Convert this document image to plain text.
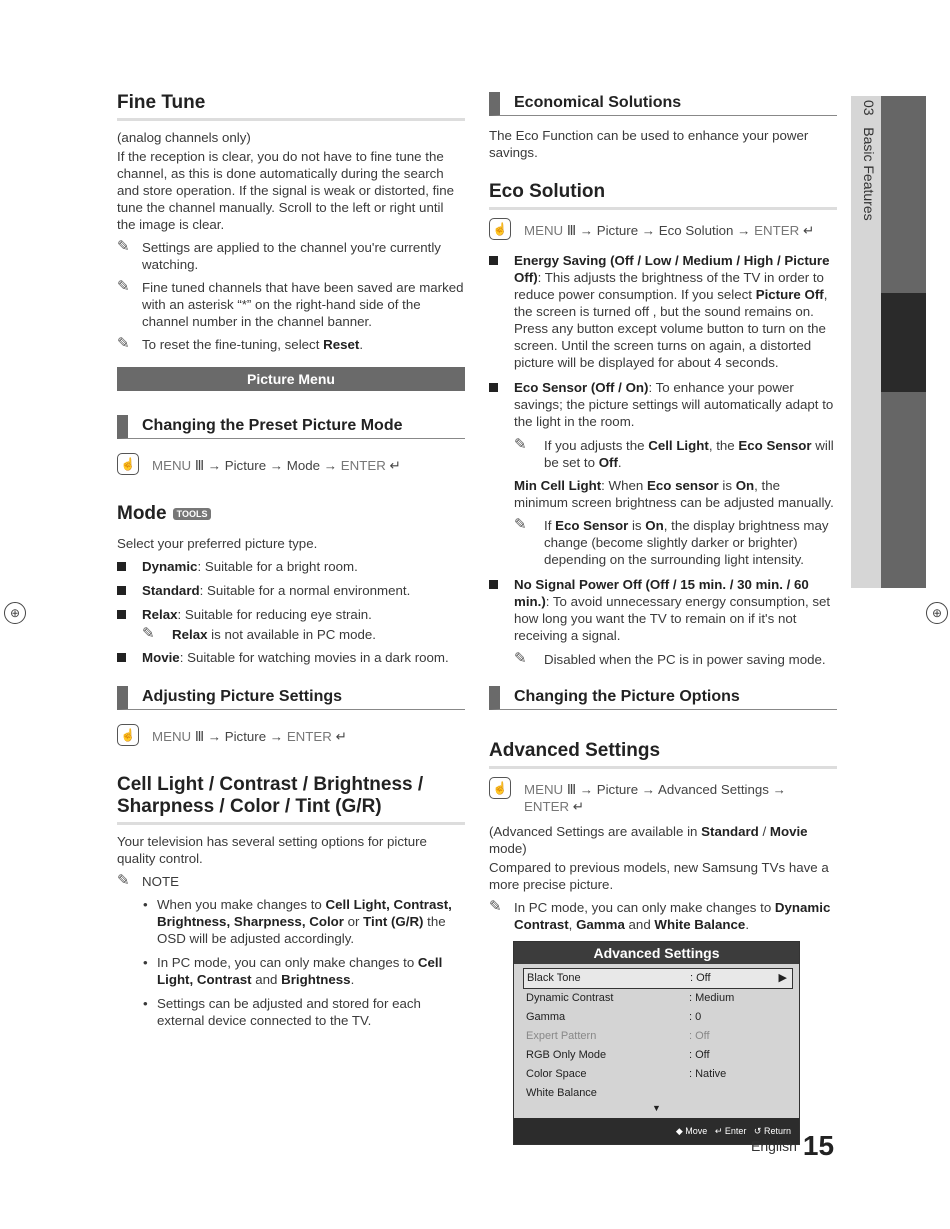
⊕	⊕
03   Basic Features
Fine Tune

(analog channels only)

If the reception is clear, you do not have to fine tune the channel, as this is done automatically during the search and store operation. If the signal is weak or distorted, fine tune the channel manually. Scroll to the left or right until the image is clear.

✎ Settings are applied to the channel you're currently watching.
✎ Fine tuned channels that have been saved are marked with an asterisk “*” on the right-hand side of the channel number in the channel banner.
✎ To reset the fine-tuning, select Reset.
Picture Menu
Changing the Preset Picture Mode
☝ MENU Ⅲ → Picture → Mode → ENTER ↵
Mode TOOLS

Select your preferred picture type.

Dynamic: Suitable for a bright room.
Standard: Suitable for a normal environment.
Relax: Suitable for reducing eye strain.
✎ Relax is not available in PC mode.
Movie: Suitable for watching movies in a dark room.
Adjusting Picture Settings
☝ MENU Ⅲ → Picture → ENTER ↵
Cell Light / Contrast / Brightness / Sharpness / Color / Tint (G/R)

Your television has several setting options for picture quality control.

✎ NOTE
• When you make changes to Cell Light, Contrast, Brightness, Sharpness, Color or Tint (G/R) the OSD will be adjusted accordingly.
• In PC mode, you can only make changes to Cell Light, Contrast and Brightness.
• Settings can be adjusted and stored for each external device connected to the TV.
Economical Solutions

The Eco Function can be used to enhance your power savings.

Eco Solution
☝ MENU Ⅲ → Picture → Eco Solution → ENTER ↵
Energy Saving (Off / Low / Medium / High / Picture Off): This adjusts the brightness of the TV in order to reduce power consumption. If you select Picture Off, the screen is turned off , but the sound remains on. Press any button except volume button to turn on the screen. Until the screen turns on again, a distorted picture will be displayed for about 4 seconds.
Eco Sensor (Off / On): To enhance your power savings; the picture settings will automatically adapt to the light in the room.
✎ If you adjusts the Cell Light, the Eco Sensor will be set to Off.

Min Cell Light: When Eco sensor is On, the minimum screen brightness can be adjusted manually.

✎ If Eco Sensor is On, the display brightness may change (become slightly darker or brighter) depending on the surrounding light intensity.
No Signal Power Off (Off / 15 min. / 30 min. / 60 min.): To avoid unnecessary energy consumption, set how long you want the TV to remain on if it's not receiving a signal.
✎ Disabled when the PC is in power saving mode.
Changing the Picture Options
Advanced Settings
☝ MENU Ⅲ → Picture → Advanced Settings → ENTER ↵

(Advanced Settings are available in Standard / Movie mode)

Compared to previous models, new Samsung TVs have a more precise picture.

✎ In PC mode, you can only make changes to Dynamic Contrast, Gamma and White Balance.
Advanced Settings
Black Tone	: Off	▶
Dynamic Contrast	: Medium
Gamma	: 0
Expert Pattern	: Off
RGB Only Mode	: Off
Color Space	: Native
White Balance
▼
◆ Move ↵ Enter ↺ Return
English 15
